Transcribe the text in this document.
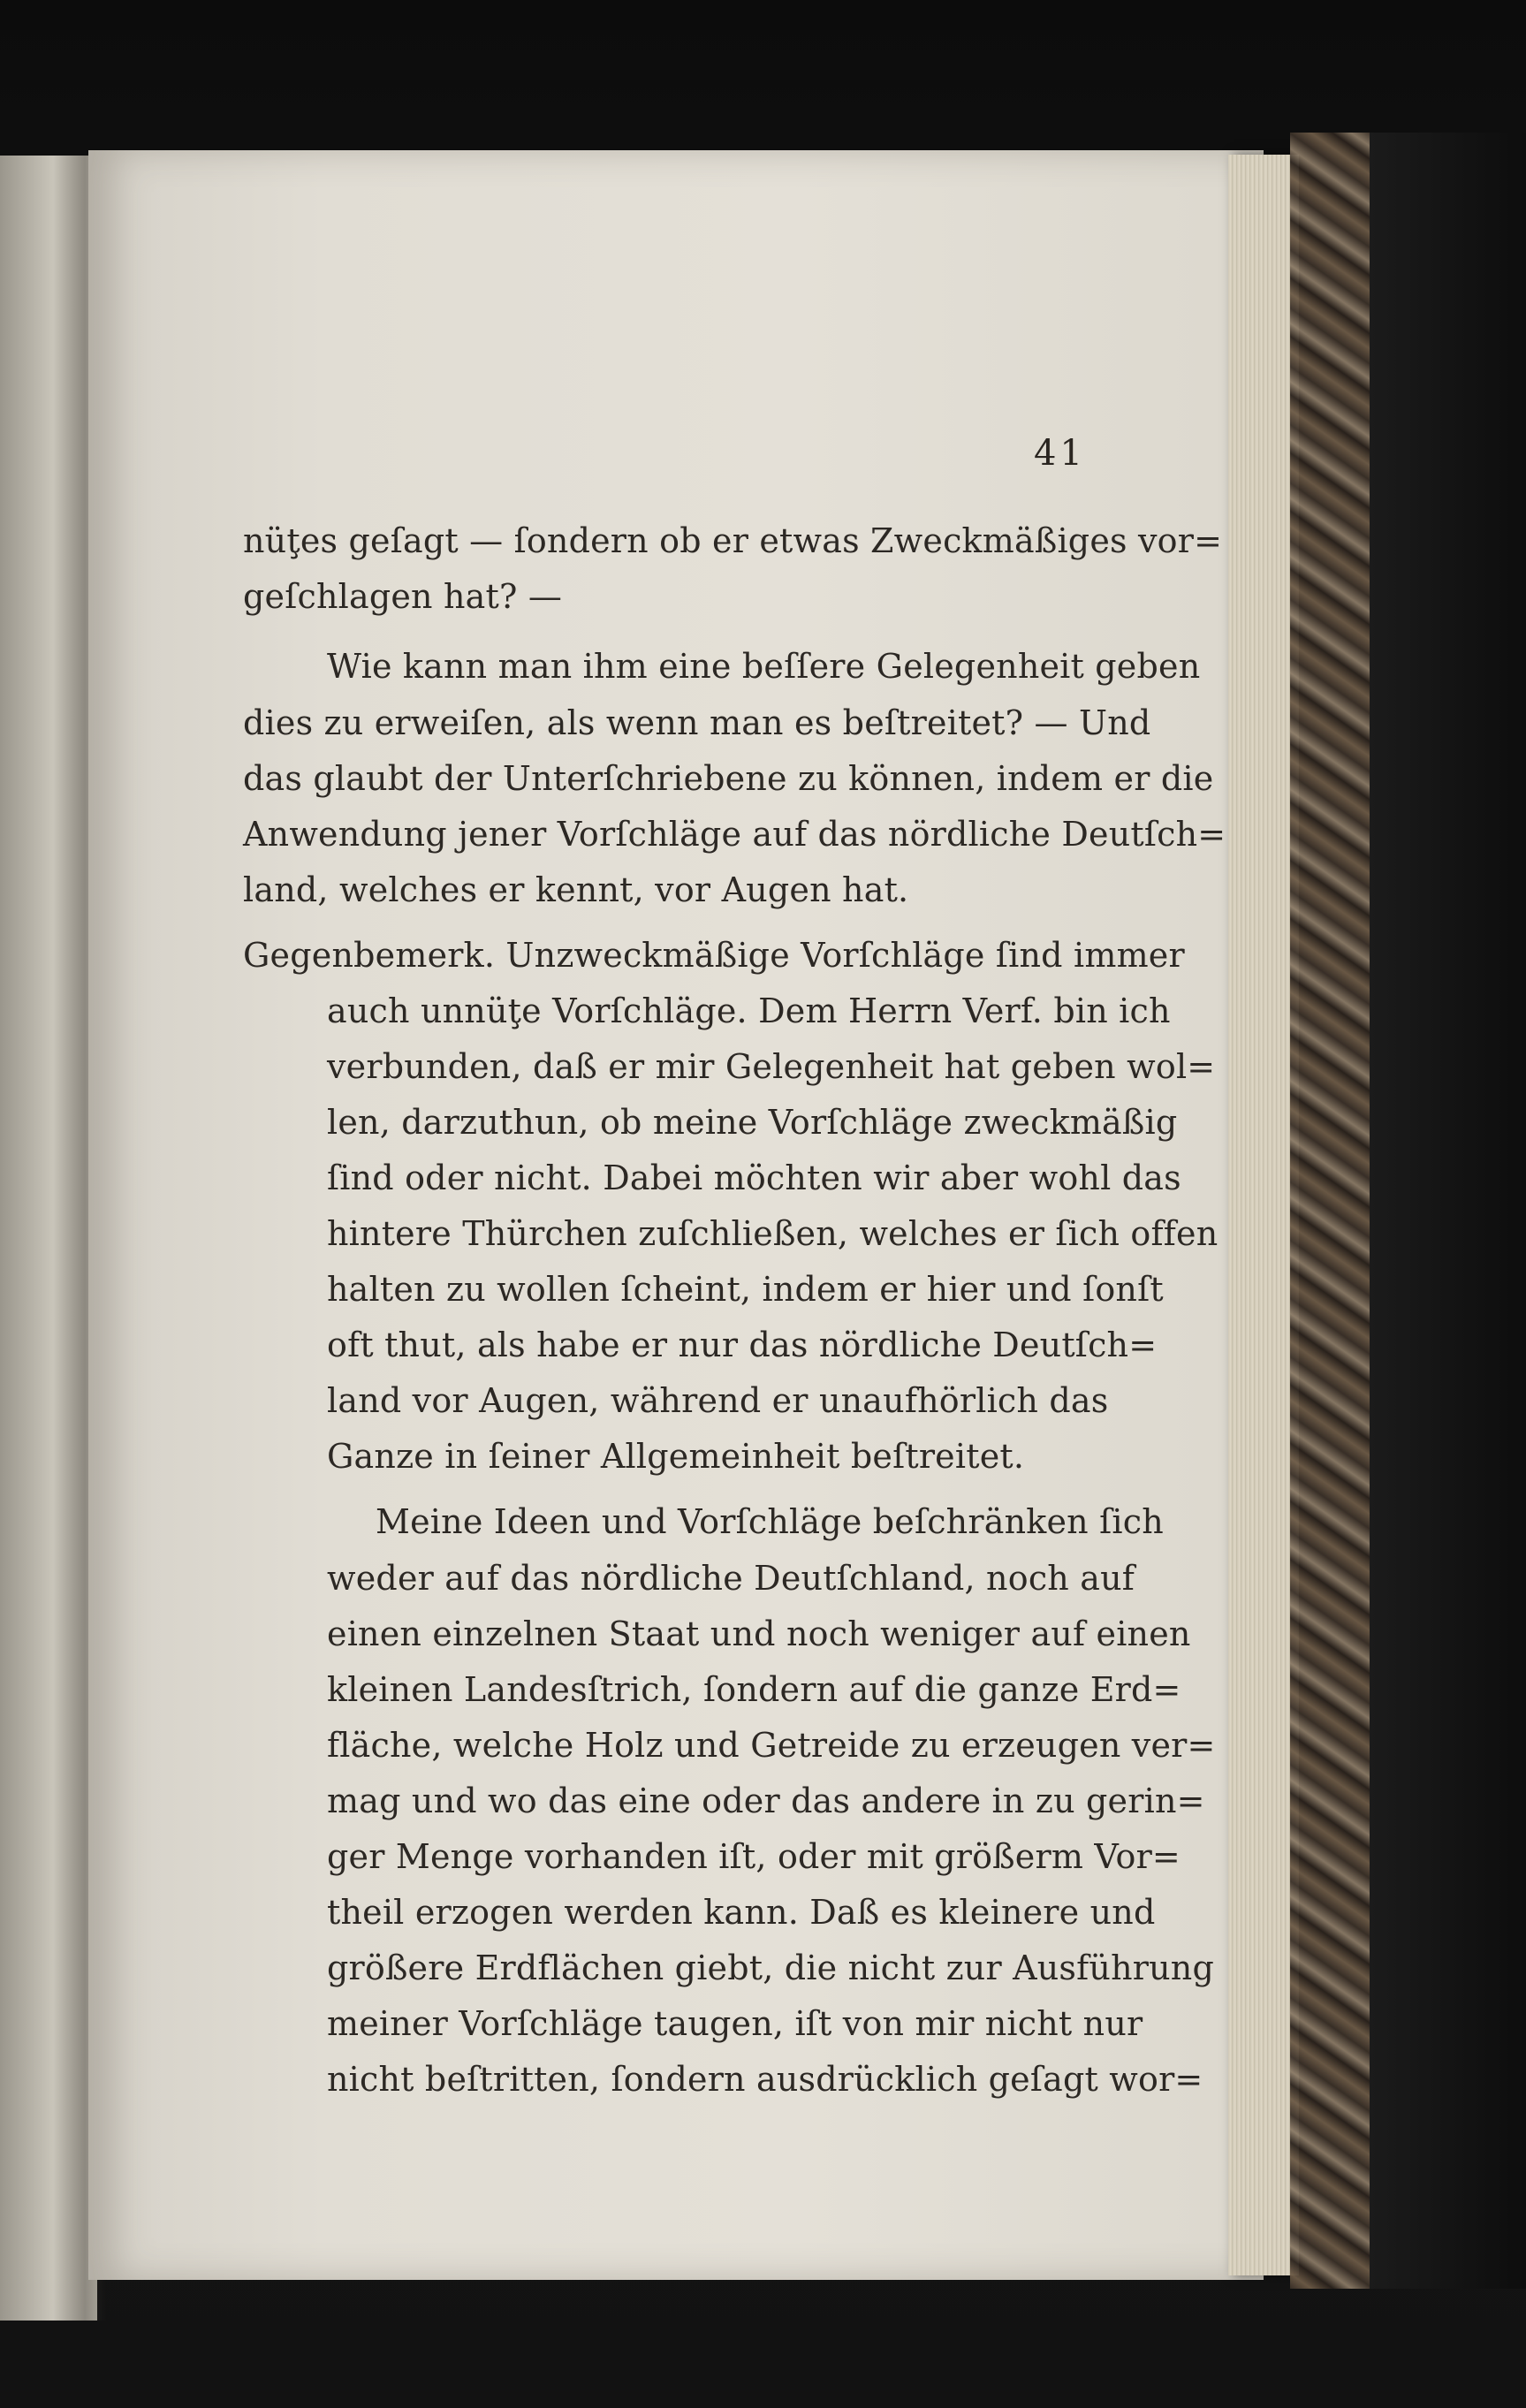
41
nüţes geſagt — ſondern ob er etwas Zweckmäßiges vor=
geſchlagen hat? —
Wie kann man ihm eine beſſere Gelegenheit geben
dies zu erweiſen, als wenn man es beſtreitet? — Und
das glaubt der Unterſchriebene zu können, indem er die
Anwendung jener Vorſchläge auf das nördliche Deutſch=
land, welches er kennt, vor Augen hat.
Gegenbemerk. Unzweckmäßige Vorſchläge ſind immer
auch unnüţe Vorſchläge. Dem Herrn Verf. bin ich
verbunden, daß er mir Gelegenheit hat geben wol=
len, darzuthun, ob meine Vorſchläge zweckmäßig
ſind oder nicht. Dabei möchten wir aber wohl das
hintere Thürchen zuſchließen, welches er ſich offen
halten zu wollen ſcheint, indem er hier und ſonſt
oft thut, als habe er nur das nördliche Deutſch=
land vor Augen, während er unaufhörlich das
Ganze in ſeiner Allgemeinheit beſtreitet.
Meine Ideen und Vorſchläge beſchränken ſich
weder auf das nördliche Deutſchland, noch auf
einen einzelnen Staat und noch weniger auf einen
kleinen Landesſtrich, ſondern auf die ganze Erd=
fläche, welche Holz und Getreide zu erzeugen ver=
mag und wo das eine oder das andere in zu gerin=
ger Menge vorhanden iſt, oder mit größerm Vor=
theil erzogen werden kann. Daß es kleinere und
größere Erdflächen giebt, die nicht zur Ausführung
meiner Vorſchläge taugen, iſt von mir nicht nur
nicht beſtritten, ſondern ausdrücklich geſagt wor=
